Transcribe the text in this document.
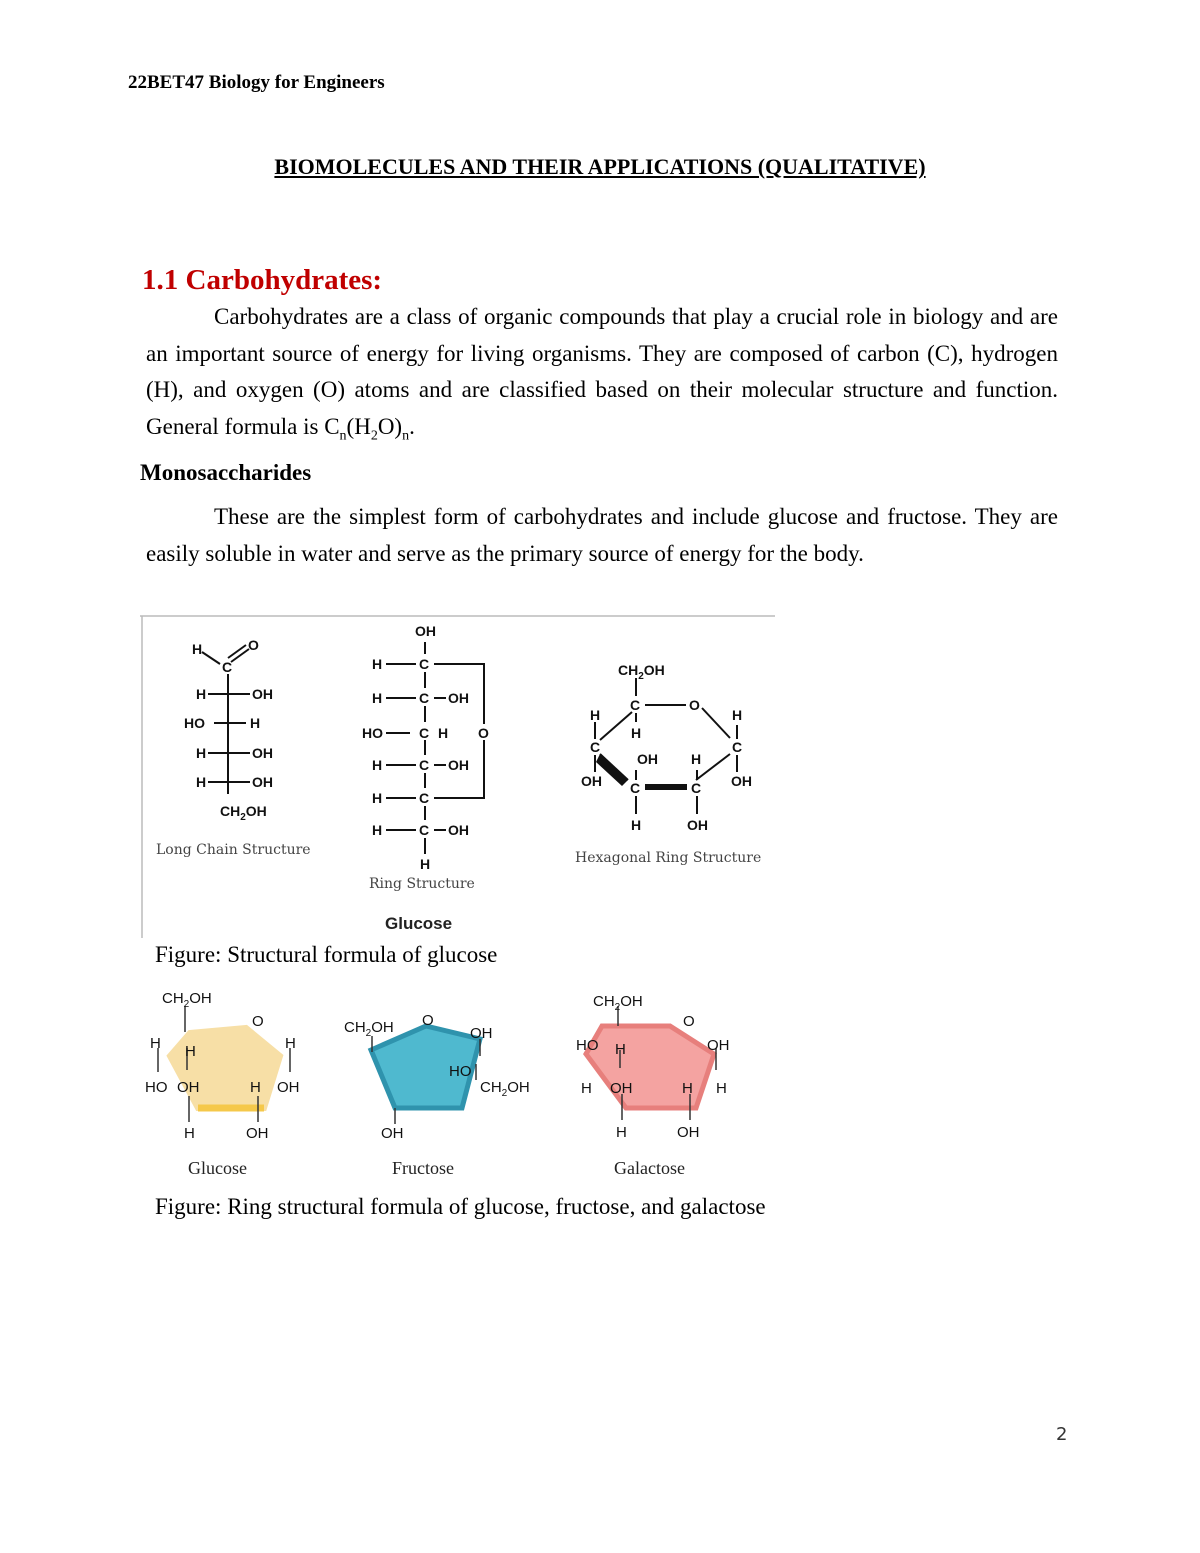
22BET47 Biology for Engineers
BIOMOLECULES AND THEIR APPLICATIONS (QUALITATIVE)
1.1 Carbohydrates:
Carbohydrates are a class of organic compounds that play a crucial role in biology and are an important source of energy for living organisms. They are composed of carbon (C), hydrogen (H), and oxygen (O) atoms and are classified based on their molecular structure and function. General formula is $C_n(H_2O)_n$.
Monosaccharides
These are the simplest form of carbohydrates and include glucose and fructose. They are easily soluble in water and serve as the primary source of energy for the body.
H
C
O
H	OH
HO	H
H	OH
H	OH
$CH_2OH$
Long Chain Structure
OH
H	C
H	C OH
HO	C H O
H	C OH
H	C
H	C OH
H
Ring Structure
Glucose
$CH_2OH$
C	O
H
H
H
C	C
OH H
OH	OH
C	C
H	OH
Hexagonal Ring Structure
Figure: Structural formula of glucose
$CH_2OH$
O
H H	H
HO OH	H OH
H	OH
Glucose
$CH_2OH$ O
OH
HO
$CH_2OH$
OH
Fructose
$CH_2OH$
O
HO H	OH
H OH	H H
H	OH
Galactose
Figure: Ring structural formula of glucose, fructose, and galactose
2
